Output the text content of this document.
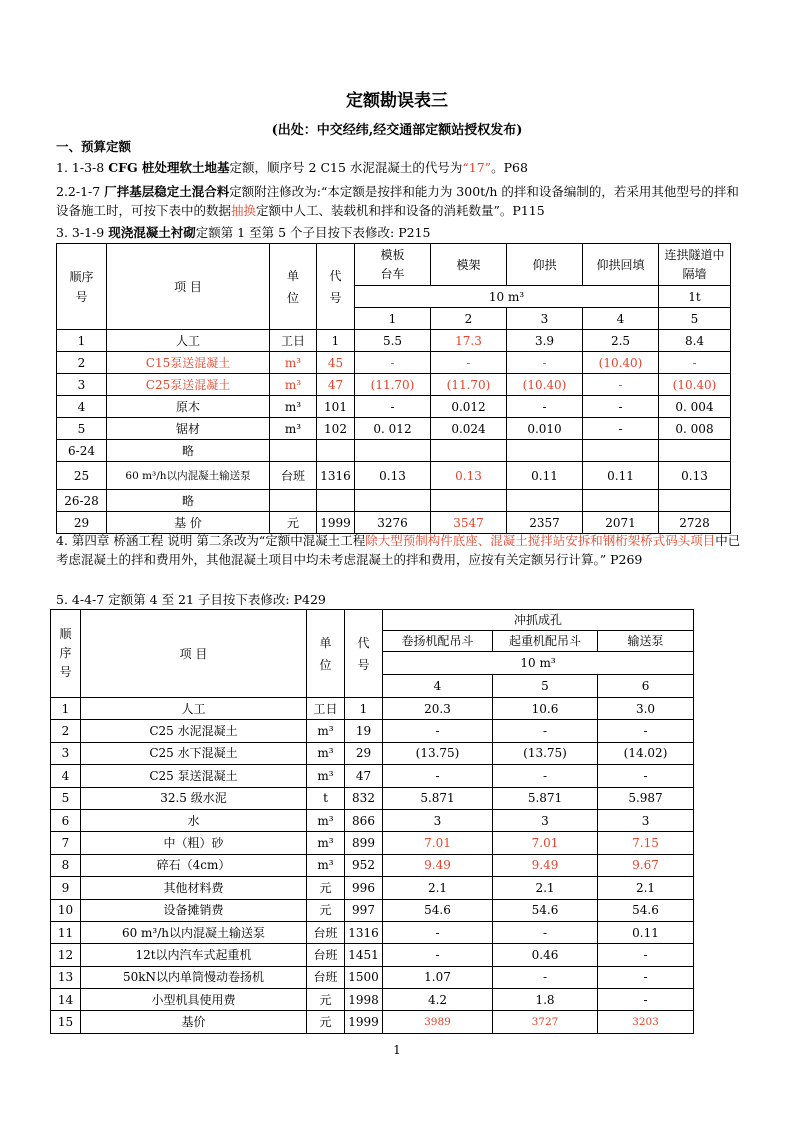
定额勘误表三
(出处：中交经纬,经交通部定额站授权发布)
一、预算定额
1. 1-3-8 CFG 桩处理软土地基定额，顺序号 2 C15 水泥混凝土的代号为“17”。P68
2.2-1-7 厂拌基层稳定土混合料定额附注修改为:“本定额是按拌和能力为 300t/h 的拌和设备编制的，若采用其他型号的拌和设备施工时，可按下表中的数据抽换定额中人工、装载机和拌和设备的消耗数量”。P115
3. 3-1-9 现浇混凝土衬砌定额第 1 至第 5 个子目按下表修改: P215
顺序号	项 目	单位	代号	模板台车	模架	仰拱	仰拱回填	连拱隧道中隔墙
				10 m³				1t
				1	2	3	4	5
1	人工	工日	1	5.5	17.3	3.9	2.5	8.4
2	C15泵送混凝土	m³	45	-	-	-	(10.40)	-
3	C25泵送混凝土	m³	47	(11.70)	(11.70)	(10.40)	-	(10.40)
4	原木	m³	101	-	0.012	-	-	0. 004
5	锯材	m³	102	0. 012	0.024	0.010	-	0. 008
6-24	略							
25	60 m³/h以内混凝土输送泵	台班	1316	0.13	0.13	0.11	0.11	0.13
26-28	略							
29	基 价	元	1999	3276	3547	2357	2071	2728
4. 第四章 桥涵工程 说明 第二条改为“定额中混凝土工程除大型预制构件底座、混凝土搅拌站安拆和钢桁架桥式码头项目中已考虑混凝土的拌和费用外，其他混凝土项目中均未考虑混凝土的拌和费用，应按有关定额另行计算。” P269
5. 4-4-7 定额第 4 至 21 子目按下表修改: P429
顺序号	项 目	单位	代号	冲抓成孔		
				卷扬机配吊斗	起重机配吊斗	输送泵
				10 m³		
				4	5	6
1	人工	工日	1	20.3	10.6	3.0
2	C25 水泥混凝土	m³	19	-	-	-
3	C25 水下混凝土	m³	29	(13.75)	(13.75)	(14.02)
4	C25 泵送混凝土	m³	47	-	-	-
5	32.5 级水泥	t	832	5.871	5.871	5.987
6	水	m³	866	3	3	3
7	中（粗）砂	m³	899	7.01	7.01	7.15
8	碎石（4cm）	m³	952	9.49	9.49	9.67
9	其他材料费	元	996	2.1	2.1	2.1
10	设备摊销费	元	997	54.6	54.6	54.6
11	60 m³/h以内混凝土输送泵	台班	1316	-	-	0.11
12	12t以内汽车式起重机	台班	1451	-	0.46	-
13	50kN以内单筒慢动卷扬机	台班	1500	1.07	-	-
14	小型机具使用费	元	1998	4.2	1.8	-
15	基价	元	1999	3989	3727	3203
1
